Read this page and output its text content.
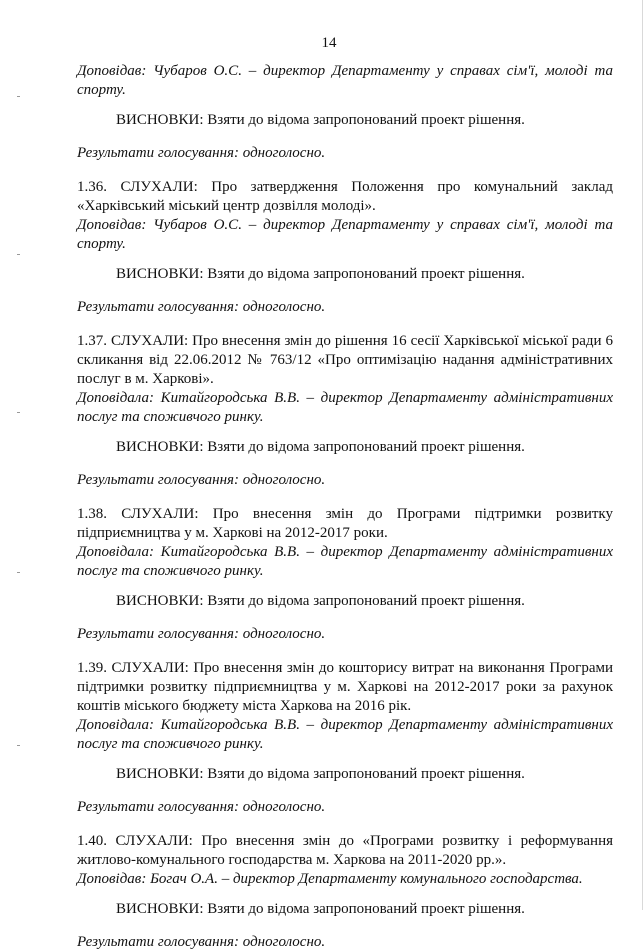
14

Доповідав: Чубаров О.С. – директор Департаменту у справах сім'ї, молоді та спорту.

ВИСНОВКИ: Взяти до відома запропонований проект рішення.

Результати голосування: одноголосно.

1.36. СЛУХАЛИ: Про затвердження Положення про комунальний заклад «Харківський міський центр дозвілля молоді».

Доповідав: Чубаров О.С. – директор Департаменту у справах сім'ї, молоді та спорту.

ВИСНОВКИ: Взяти до відома запропонований проект рішення.

Результати голосування: одноголосно.

1.37. СЛУХАЛИ: Про внесення змін до рішення 16 сесії Харківської міської ради 6 скликання від 22.06.2012 № 763/12 «Про оптимізацію надання адміністративних послуг в м. Харкові».

Доповідала: Китайгородська В.В. – директор Департаменту адміністративних послуг та споживчого ринку.

ВИСНОВКИ: Взяти до відома запропонований проект рішення.

Результати голосування: одноголосно.

1.38. СЛУХАЛИ: Про внесення змін до Програми підтримки розвитку підприємництва у м. Харкові на 2012-2017 роки.

Доповідала: Китайгородська В.В. – директор Департаменту адміністративних послуг та споживчого ринку.

ВИСНОВКИ: Взяти до відома запропонований проект рішення.

Результати голосування: одноголосно.

1.39. СЛУХАЛИ: Про внесення змін до кошторису витрат на виконання Програми підтримки розвитку підприємництва у м. Харкові на 2012-2017 роки за рахунок коштів міського бюджету міста Харкова на 2016 рік.

Доповідала: Китайгородська В.В. – директор Департаменту адміністративних послуг та споживчого ринку.

ВИСНОВКИ: Взяти до відома запропонований проект рішення.

Результати голосування: одноголосно.

1.40. СЛУХАЛИ: Про внесення змін до «Програми розвитку і реформування житлово-комунального господарства м. Харкова на 2011-2020 рр.».

Доповідав: Богач О.А. – директор Департаменту комунального господарства.

ВИСНОВКИ: Взяти до відома запропонований проект рішення.

Результати голосування: одноголосно.
